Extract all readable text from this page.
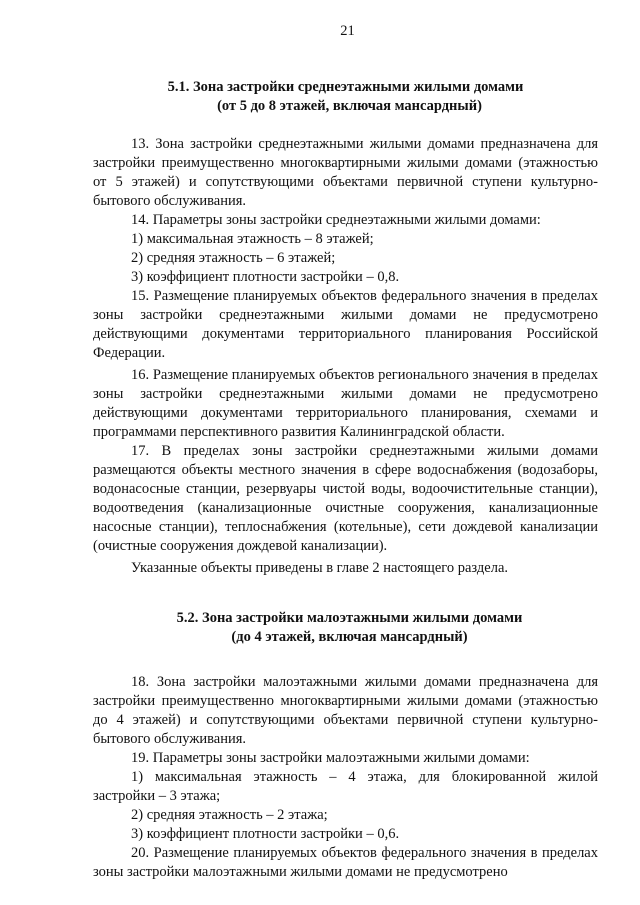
21

5.1. Зона застройки среднеэтажными жилыми домами

(от 5 до 8 этажей, включая мансардный)

13. Зона застройки среднеэтажными жилыми домами предназначена для застройки преимущественно многоквартирными жилыми домами (этажностью от 5 этажей) и сопутствующими объектами первичной ступени культурно-бытового обслуживания.

14. Параметры зоны застройки среднеэтажными жилыми домами:

1) максимальная этажность – 8 этажей;

2) средняя этажность – 6 этажей;

3) коэффициент плотности застройки – 0,8.

15. Размещение планируемых объектов федерального значения в пределах зоны застройки среднеэтажными жилыми домами не предусмотрено действующими документами территориального планирования Российской Федерации.

16. Размещение планируемых объектов регионального значения в пределах зоны застройки среднеэтажными жилыми домами не предусмотрено действующими документами территориального планирования, схемами и программами перспективного развития Калининградской области.

17. В пределах зоны застройки среднеэтажными жилыми домами размещаются объекты местного значения в сфере водоснабжения (водозаборы, водонасосные станции, резервуары чистой воды, водоочистительные станции), водоотведения (канализационные очистные сооружения, канализационные насосные станции), теплоснабжения (котельные), сети дождевой канализации (очистные сооружения дождевой канализации).

Указанные объекты приведены в главе 2 настоящего раздела.

5.2. Зона застройки малоэтажными жилыми домами

(до 4 этажей, включая мансардный)

18. Зона застройки малоэтажными жилыми домами предназначена для застройки преимущественно многоквартирными жилыми домами (этажностью до 4 этажей) и сопутствующими объектами первичной ступени культурно-бытового обслуживания.

19. Параметры зоны застройки малоэтажными жилыми домами:

1) максимальная этажность – 4 этажа, для блокированной жилой застройки – 3 этажа;

2) средняя этажность – 2 этажа;

3) коэффициент плотности застройки – 0,6.

20. Размещение планируемых объектов федерального значения в пределах зоны застройки малоэтажными жилыми домами не предусмотрено
